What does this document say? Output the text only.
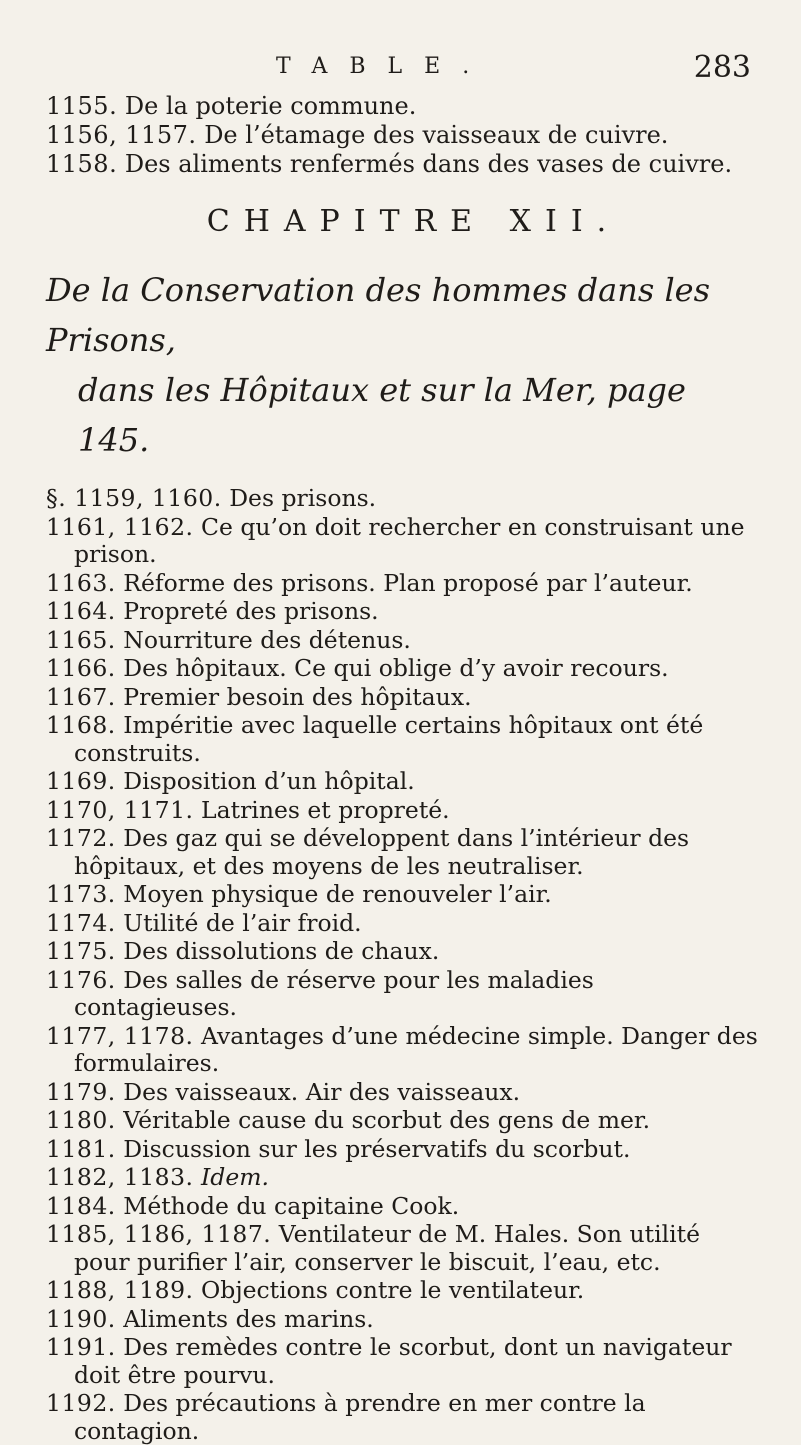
TABLE.	283

1155. De la poterie commune.

1156, 1157. De l’étamage des vaisseaux de cuivre.

1158. Des aliments renfermés dans des vases de cuivre.

CHAPITRE XII.
De la Conservation des hommes dans les Prisons,
dans les Hôpitaux et sur la Mer, page 145.

§. 1159, 1160. Des prisons.

1161, 1162. Ce qu’on doit rechercher en construisant une prison.

1163. Réforme des prisons. Plan proposé par l’auteur.

1164. Propreté des prisons.

1165. Nourriture des détenus.

1166. Des hôpitaux. Ce qui oblige d’y avoir recours.

1167. Premier besoin des hôpitaux.

1168. Impéritie avec laquelle certains hôpitaux ont été construits.

1169. Disposition d’un hôpital.

1170, 1171. Latrines et propreté.

1172. Des gaz qui se développent dans l’intérieur des hôpitaux, et des moyens de les neutraliser.

1173. Moyen physique de renouveler l’air.

1174. Utilité de l’air froid.

1175. Des dissolutions de chaux.

1176. Des salles de réserve pour les maladies contagieuses.

1177, 1178. Avantages d’une médecine simple. Danger des formulaires.

1179. Des vaisseaux. Air des vaisseaux.

1180. Véritable cause du scorbut des gens de mer.

1181. Discussion sur les préservatifs du scorbut.

1182, 1183. Idem.

1184. Méthode du capitaine Cook.

1185, 1186, 1187. Ventilateur de M. Hales. Son utilité pour purifier l’air, conserver le biscuit, l’eau, etc.

1188, 1189. Objections contre le ventilateur.

1190. Aliments des marins.

1191. Des remèdes contre le scorbut, dont un navigateur doit être pourvu.

1192. Des précautions à prendre en mer contre la contagion.
